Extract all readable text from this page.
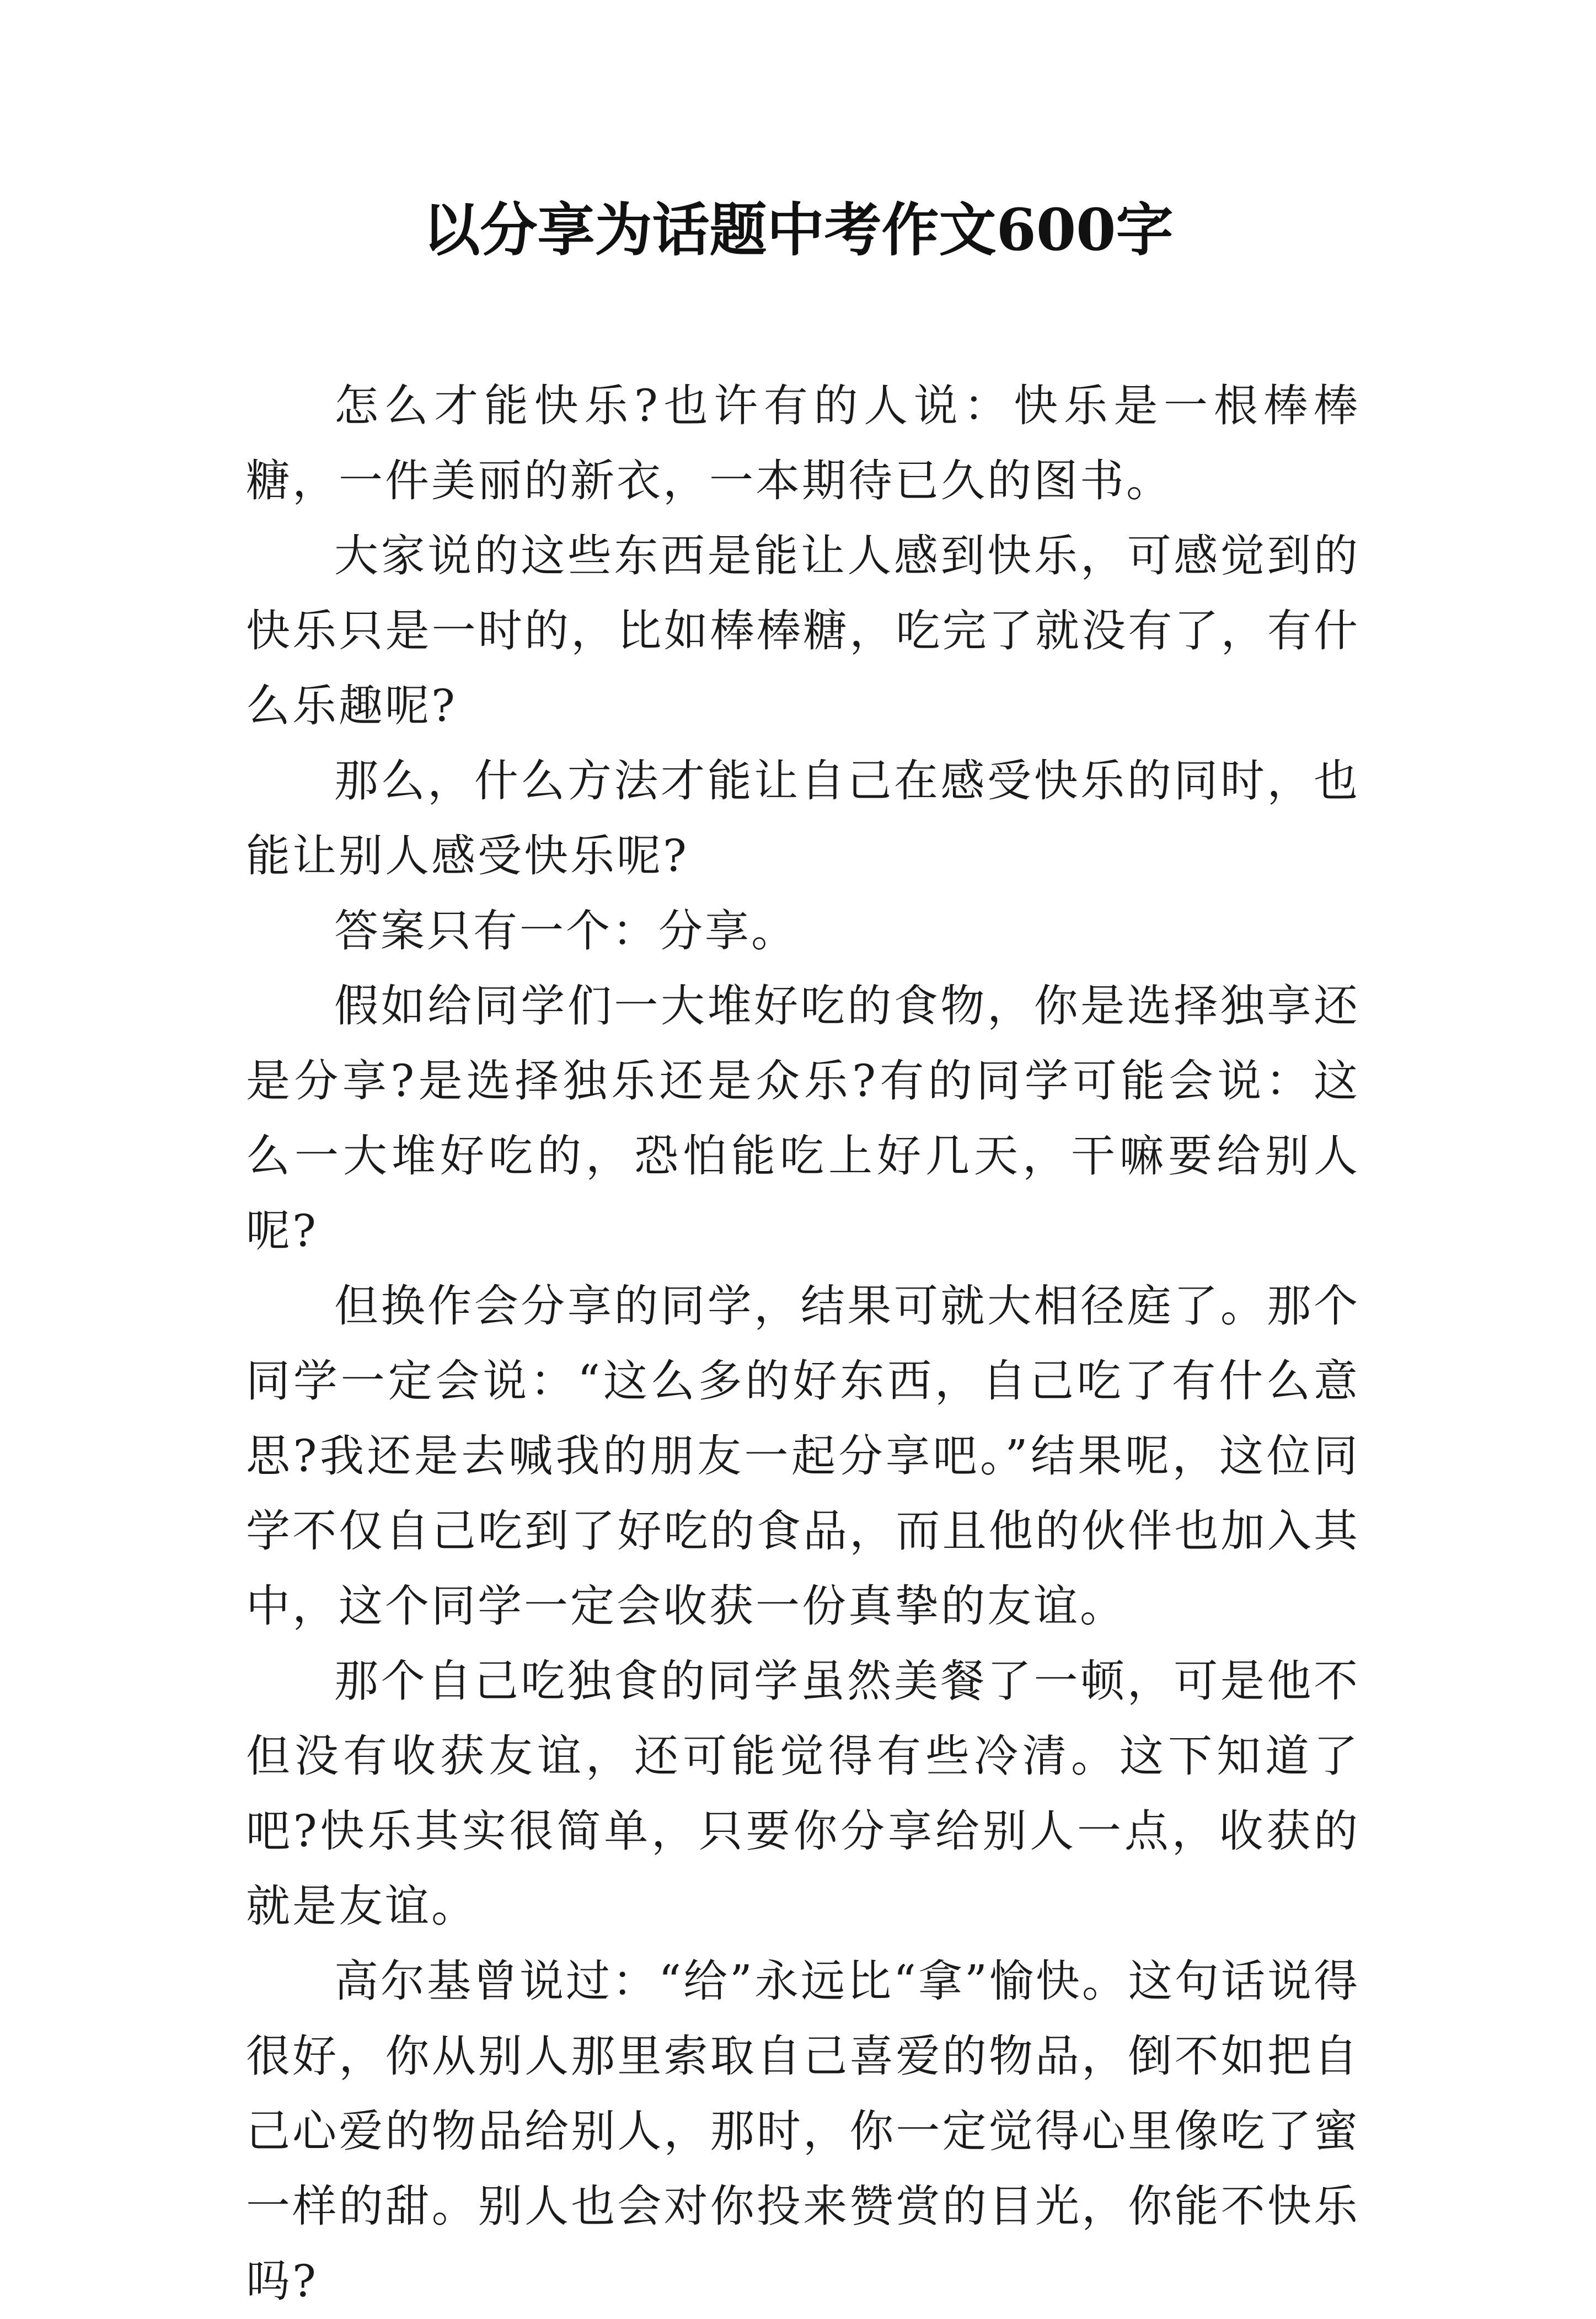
以分享为话题中考作文600字

怎么才能快乐?也许有的人说：快乐是一根棒棒糖，一件美丽的新衣，一本期待已久的图书。

大家说的这些东西是能让人感到快乐，可感觉到的快乐只是一时的，比如棒棒糖，吃完了就没有了，有什么乐趣呢?

那么，什么方法才能让自己在感受快乐的同时，也能让别人感受快乐呢?

答案只有一个：分享。

假如给同学们一大堆好吃的食物，你是选择独享还是分享?是选择独乐还是众乐?有的同学可能会说：这么一大堆好吃的，恐怕能吃上好几天，干嘛要给别人呢?

但换作会分享的同学，结果可就大相径庭了。那个同学一定会说：“这么多的好东西，自己吃了有什么意思?我还是去喊我的朋友一起分享吧。”结果呢，这位同学不仅自己吃到了好吃的食品，而且他的伙伴也加入其中，这个同学一定会收获一份真挚的友谊。

那个自己吃独食的同学虽然美餐了一顿，可是他不但没有收获友谊，还可能觉得有些冷清。这下知道了吧?快乐其实很简单，只要你分享给别人一点，收获的就是友谊。

高尔基曾说过：“给”永远比“拿”愉快。这句话说得很好，你从别人那里索取自己喜爱的物品，倒不如把自己心爱的物品给别人，那时，你一定觉得心里像吃了蜜一样的甜。别人也会对你投来赞赏的目光，你能不快乐吗?
